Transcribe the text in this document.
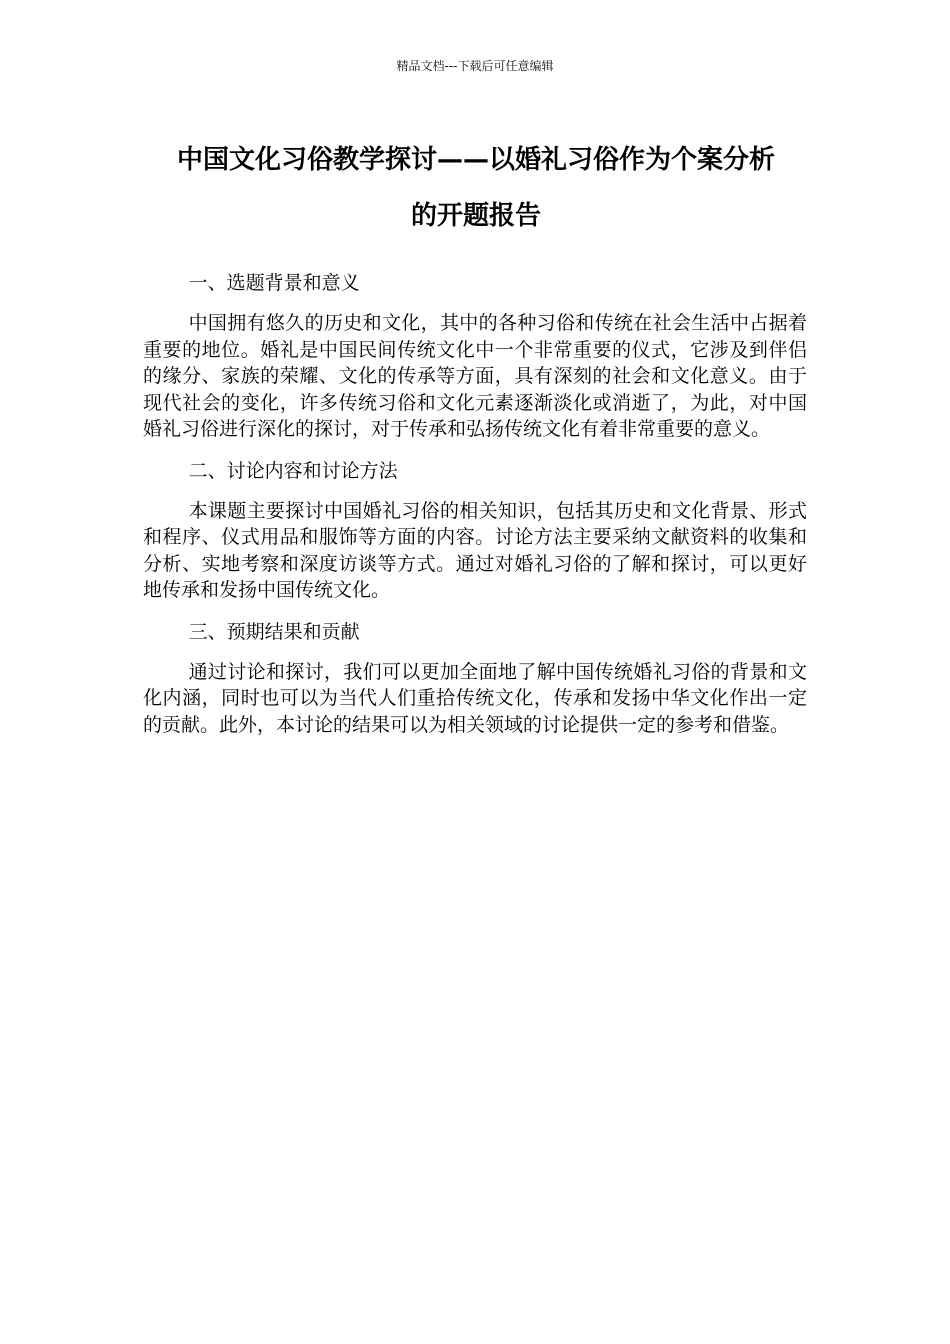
精品文档---下载后可任意编辑
中国文化习俗教学探讨——以婚礼习俗作为个案分析
的开题报告

一、选题背景和意义

中国拥有悠久的历史和文化，其中的各种习俗和传统在社会生活中占据着重要的地位。婚礼是中国民间传统文化中一个非常重要的仪式，它涉及到伴侣的缘分、家族的荣耀、文化的传承等方面，具有深刻的社会和文化意义。由于现代社会的变化，许多传统习俗和文化元素逐渐淡化或消逝了，为此，对中国婚礼习俗进行深化的探讨，对于传承和弘扬传统文化有着非常重要的意义。

二、讨论内容和讨论方法

本课题主要探讨中国婚礼习俗的相关知识，包括其历史和文化背景、形式和程序、仪式用品和服饰等方面的内容。讨论方法主要采纳文献资料的收集和分析、实地考察和深度访谈等方式。通过对婚礼习俗的了解和探讨，可以更好地传承和发扬中国传统文化。

三、预期结果和贡献

通过讨论和探讨，我们可以更加全面地了解中国传统婚礼习俗的背景和文化内涵，同时也可以为当代人们重拾传统文化，传承和发扬中华文化作出一定的贡献。此外，本讨论的结果可以为相关领域的讨论提供一定的参考和借鉴。
